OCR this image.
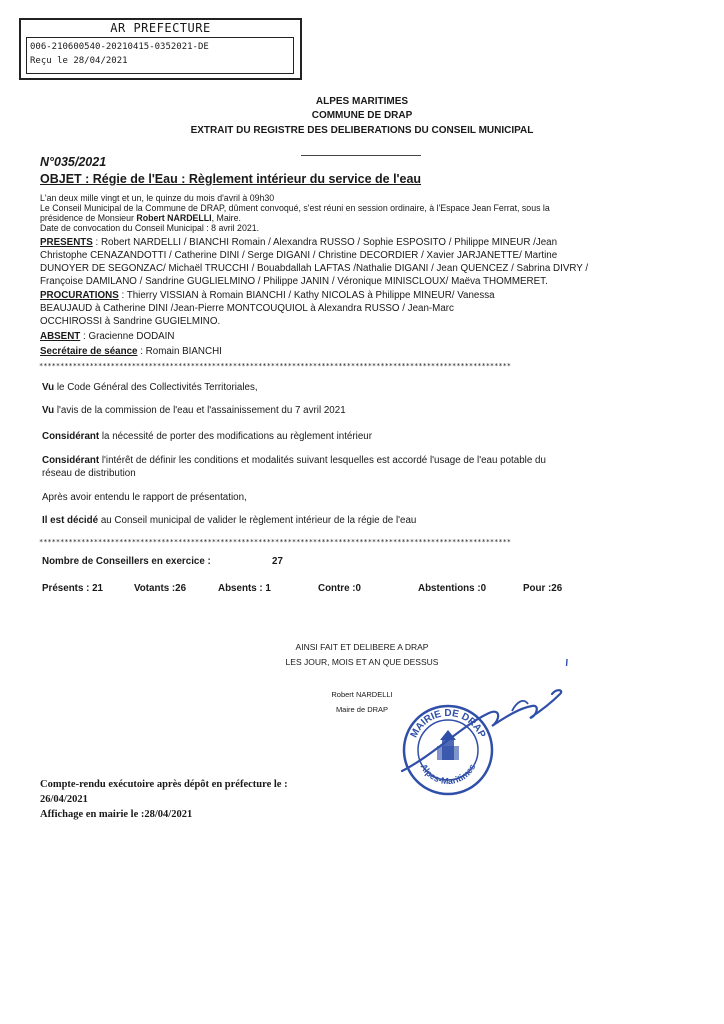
AR PREFECTURE
006-210600540-20210415-0352021-DE
Reçu le 28/04/2021
ALPES MARITIMES
COMMUNE DE DRAP
EXTRAIT DU REGISTRE DES DELIBERATIONS DU CONSEIL MUNICIPAL
N°035/2021
OBJET : Régie de l'Eau : Règlement intérieur du service de l'eau
L'an deux mille vingt et un, le quinze du mois d'avril à 09h30
Le Conseil Municipal de la Commune de DRAP, dûment convoqué, s'est réuni en session ordinaire, à l'Espace Jean Ferrat, sous la
présidence de Monsieur Robert NARDELLI, Maire.
Date de convocation du Conseil Municipal : 8 avril 2021.
PRESENTS : Robert NARDELLI / BIANCHI Romain / Alexandra RUSSO / Sophie ESPOSITO / Philippe MINEUR /Jean
Christophe CENAZANDOTTI / Catherine DINI / Serge DIGANI / Christine DECORDIER / Xavier JARJANETTE/ Martine
DUNOYER DE SEGONZAC/ Michaël TRUCCHI / Bouabdallah LAFTAS /Nathalie DIGANI / Jean QUENCEZ / Sabrina DIVRY /
Françoise DAMILANO / Sandrine GUGLIELMINO / Philippe JANIN / Véronique MINISCLOUX/ Maëva THOMMERET.
PROCURATIONS : Thierry VISSIAN à Romain BIANCHI / Kathy NICOLAS à Philippe MINEUR/ Vanessa
BEAUJAUD à Catherine DINI /Jean-Pierre MONTCOUQUIOL à Alexandra RUSSO / Jean-Marc
OCCHIROSSI à Sandrine GUGIELMINO.
ABSENT : Gracienne DODAIN
Secrétaire de séance : Romain BIANCHI
****************************************************************************************************************
Vu le Code Général des Collectivités Territoriales,
Vu l'avis de la commission de l'eau et l'assainissement du 7 avril 2021
Considérant la nécessité de porter des modifications au règlement intérieur
Considérant l'intérêt de définir les conditions et modalités suivant lesquelles est accordé l'usage de l'eau potable du
réseau de distribution
Après avoir entendu le rapport de présentation,
Il est décidé au Conseil municipal de valider le règlement intérieur de la régie de l'eau
****************************************************************************************************************
Nombre de Conseillers en exercice :	27
Présents : 21	Votants :26	Absents : 1	Contre :0	Abstentions :0	Pour :26
AINSI FAIT ET DELIBERE A DRAP
LES JOUR, MOIS ET AN QUE DESSUS
Robert NARDELLI
Maire de DRAP
MAIRIE DE DRAP
Alpes-Maritimes
Compte-rendu exécutoire après dépôt en préfecture le :
26/04/2021
Affichage en mairie le :28/04/2021
